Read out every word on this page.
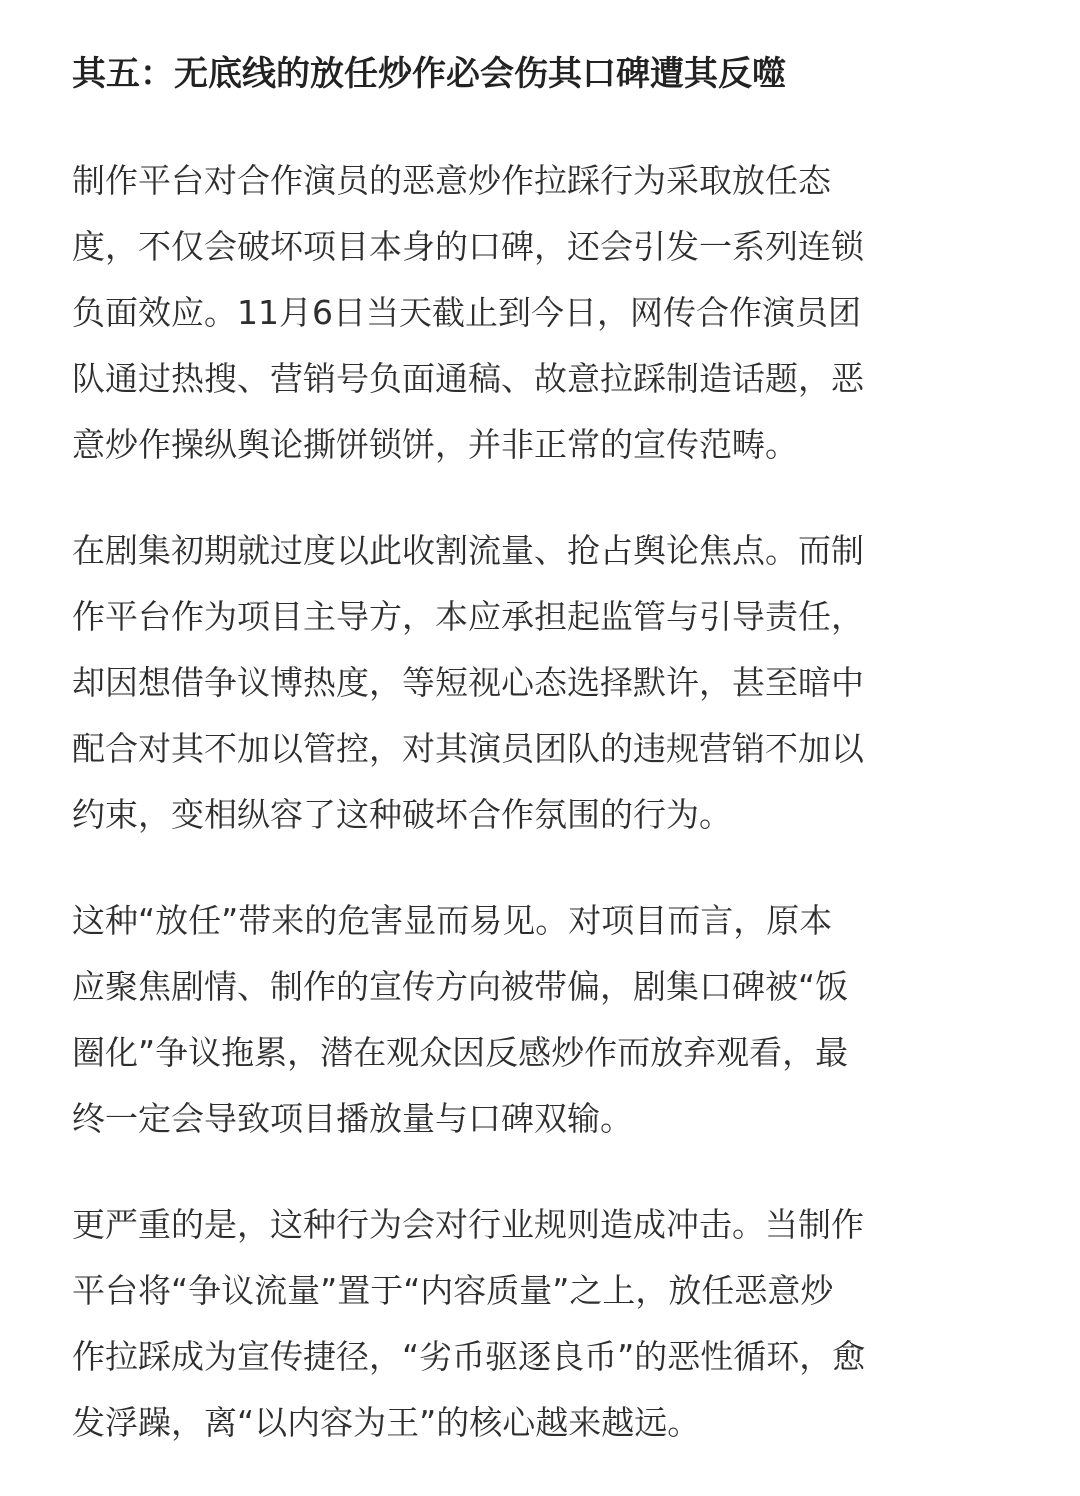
其五：无底线的放任炒作必会伤其口碑遭其反噬
制作平台对合作演员的恶意炒作拉踩行为采取放任态
度，不仅会破坏项目本身的口碑，还会引发一系列连锁
负面效应。11月6日当天截止到今日，网传合作演员团
队通过热搜、营销号负面通稿、故意拉踩制造话题，恶
意炒作操纵舆论撕饼锁饼，并非正常的宣传范畴。
在剧集初期就过度以此收割流量、抢占舆论焦点。而制
作平台作为项目主导方，本应承担起监管与引导责任，
却因想借争议博热度，等短视心态选择默许，甚至暗中
配合对其不加以管控，对其演员团队的违规营销不加以
约束，变相纵容了这种破坏合作氛围的行为。
这种“放任”带来的危害显而易见。对项目而言，原本
应聚焦剧情、制作的宣传方向被带偏，剧集口碑被“饭
圈化”争议拖累，潜在观众因反感炒作而放弃观看，最
终一定会导致项目播放量与口碑双输。
更严重的是，这种行为会对行业规则造成冲击。当制作
平台将“争议流量”置于“内容质量”之上，放任恶意炒
作拉踩成为宣传捷径，“劣币驱逐良币”的恶性循环，愈
发浮躁，离“以内容为王”的核心越来越远。
